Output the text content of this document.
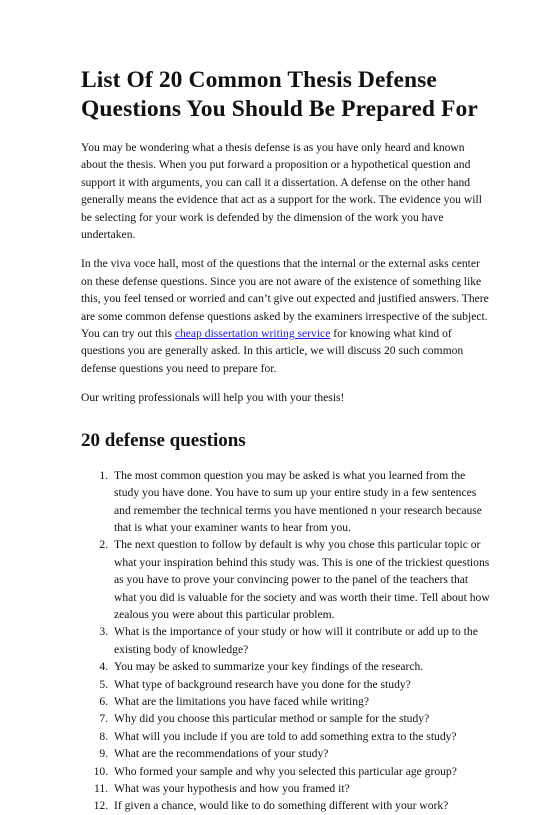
List Of 20 Common Thesis Defense Questions You Should Be Prepared For

You may be wondering what a thesis defense is as you have only heard and known about the thesis. When you put forward a proposition or a hypothetical question and support it with arguments, you can call it a dissertation. A defense on the other hand generally means the evidence that act as a support for the work. The evidence you will be selecting for your work is defended by the dimension of the work you have undertaken.

In the viva voce hall, most of the questions that the internal or the external asks center on these defense questions. Since you are not aware of the existence of something like this, you feel tensed or worried and can’t give out expected and justified answers. There are some common defense questions asked by the examiners irrespective of the subject. You can try out this cheap dissertation writing service for knowing what kind of questions you are generally asked. In this article, we will discuss 20 such common defense questions you need to prepare for.

Our writing professionals will help you with your thesis!

20 defense questions
1. The most common question you may be asked is what you learned from the study you have done. You have to sum up your entire study in a few sentences and remember the technical terms you have mentioned n your research because that is what your examiner wants to hear from you.
2. The next question to follow by default is why you chose this particular topic or what your inspiration behind this study was. This is one of the trickiest questions as you have to prove your convincing power to the panel of the teachers that what you did is valuable for the society and was worth their time. Tell about how zealous you were about this particular problem.
3. What is the importance of your study or how will it contribute or add up to the existing body of knowledge?
4. You may be asked to summarize your key findings of the research.
5. What type of background research have you done for the study?
6. What are the limitations you have faced while writing?
7. Why did you choose this particular method or sample for the study?
8. What will you include if you are told to add something extra to the study?
9. What are the recommendations of your study?
10. Who formed your sample and why you selected this particular age group?
11. What was your hypothesis and how you framed it?
12. If given a chance, would like to do something different with your work?
